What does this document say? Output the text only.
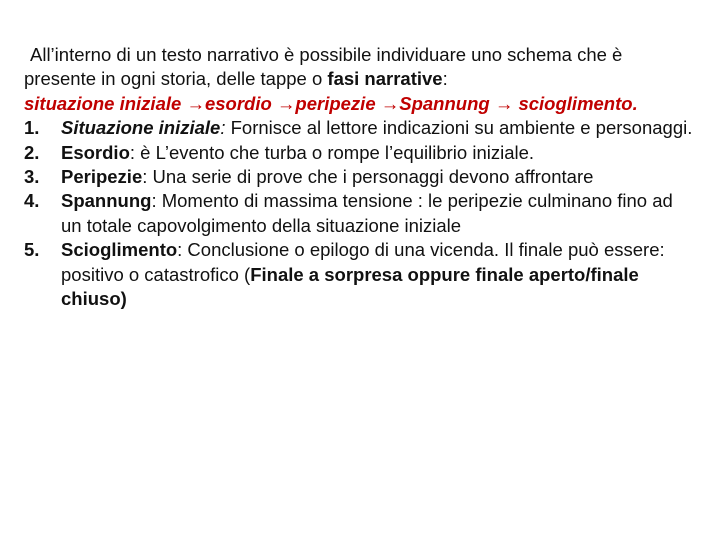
All’interno di un testo narrativo è possibile individuare uno schema che è presente in ogni storia, delle tappe o fasi narrative:

situazione iniziale →esordio →peripezie →Spannung → scioglimento.

1.	Situazione iniziale: Fornisce al lettore indicazioni su ambiente e personaggi.
2.	Esordio: è L’evento che turba o rompe l’equilibrio iniziale.
3.	Peripezie: Una serie di prove che i personaggi devono affrontare
4.	Spannung: Momento di massima tensione : le peripezie culminano fino ad un totale capovolgimento della situazione iniziale
5.	Scioglimento: Conclusione o epilogo di una vicenda. Il finale può essere: positivo o catastrofico (Finale a sorpresa oppure finale aperto/finale chiuso)
